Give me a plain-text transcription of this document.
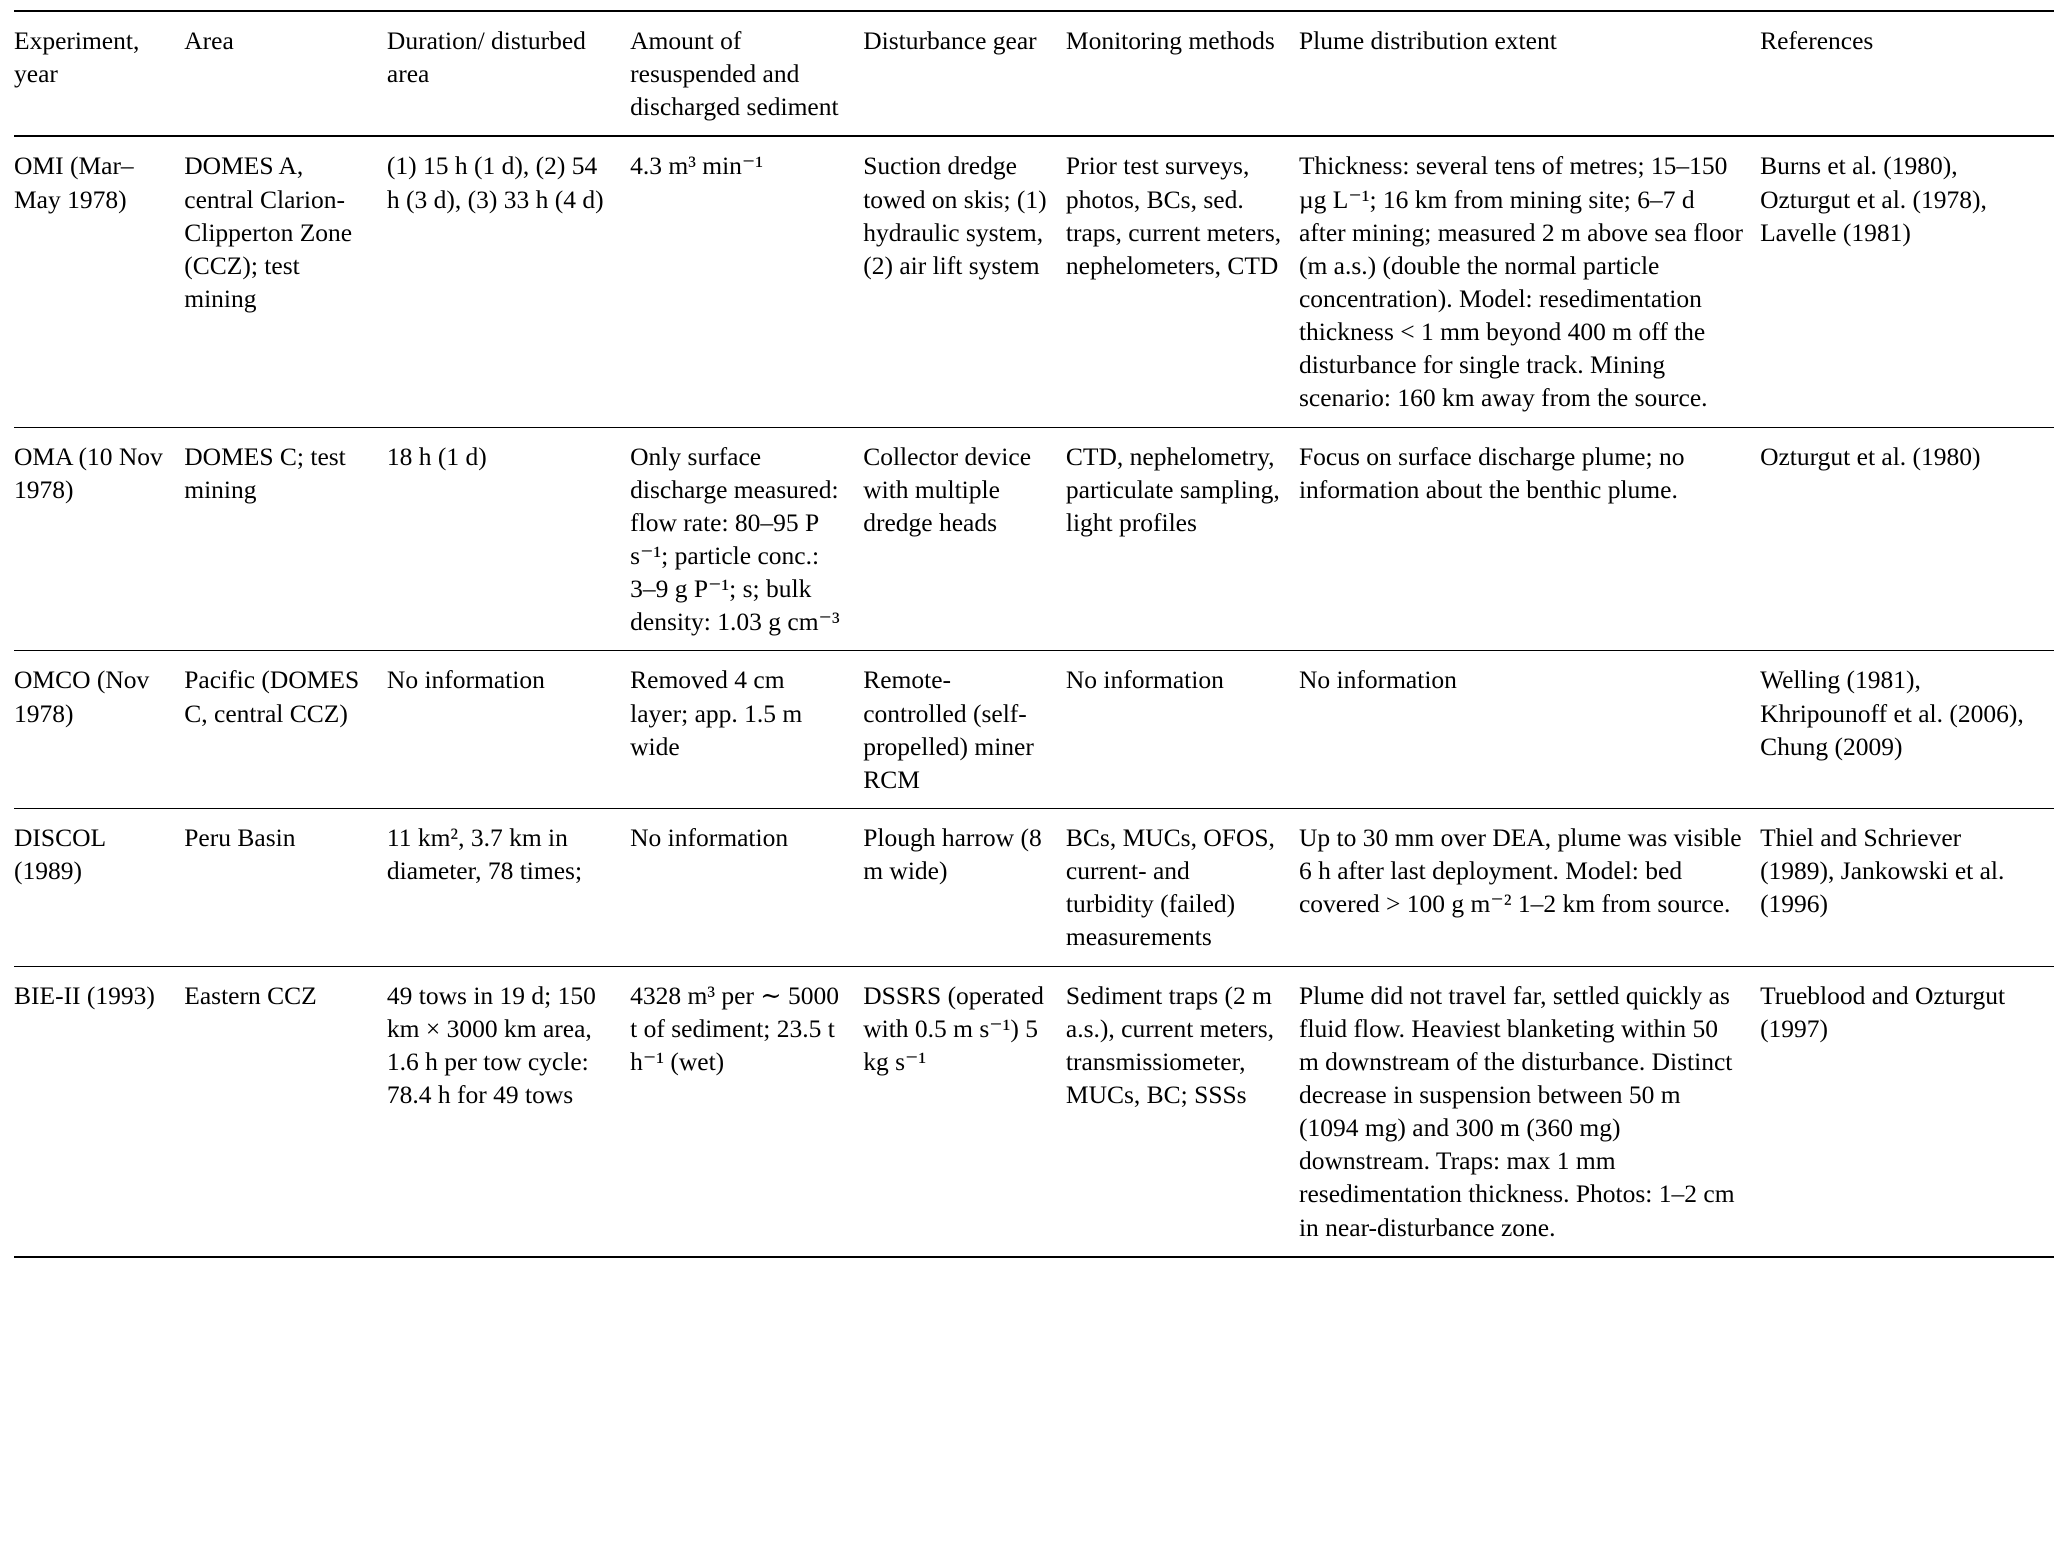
Experiment, year	Area	Duration/ disturbed area	Amount of resuspended and discharged sediment	Disturbance gear	Monitoring methods	Plume distribution extent	References
OMI (Mar–May 1978)	DOMES A, central Clarion-Clipperton Zone (CCZ); test mining	(1) 15 h (1 d), (2) 54 h (3 d), (3) 33 h (4 d)	4.3 m³ min⁻¹	Suction dredge towed on skis; (1) hydraulic system, (2) air lift system	Prior test surveys, photos, BCs, sed. traps, current meters, nephelometers, CTD	Thickness: several tens of metres; 15–150 µg L⁻¹; 16 km from mining site; 6–7 d after mining; measured 2 m above sea floor (m a.s.) (double the normal particle concentration). Model: resedimentation thickness < 1 mm beyond 400 m off the disturbance for single track. Mining scenario: 160 km away from the source.	Burns et al. (1980), Ozturgut et al. (1978), Lavelle (1981)
OMA (10 Nov 1978)	DOMES C; test mining	18 h (1 d)	Only surface discharge measured: flow rate: 80–95 P s⁻¹; particle conc.: 3–9 g P⁻¹; s; bulk density: 1.03 g cm⁻³	Collector device with multiple dredge heads	CTD, nephelometry, particulate sampling, light profiles	Focus on surface discharge plume; no information about the benthic plume.	Ozturgut et al. (1980)
OMCO (Nov 1978)	Pacific (DOMES C, central CCZ)	No information	Removed 4 cm layer; app. 1.5 m wide	Remote-controlled (self-propelled) miner RCM	No information	No information	Welling (1981), Khripounoff et al. (2006), Chung (2009)
DISCOL (1989)	Peru Basin	11 km², 3.7 km in diameter, 78 times;	No information	Plough harrow (8 m wide)	BCs, MUCs, OFOS, current- and turbidity (failed) measurements	Up to 30 mm over DEA, plume was visible 6 h after last deployment. Model: bed covered > 100 g m⁻² 1–2 km from source.	Thiel and Schriever (1989), Jankowski et al. (1996)
BIE-II (1993)	Eastern CCZ	49 tows in 19 d; 150 km × 3000 km area, 1.6 h per tow cycle: 78.4 h for 49 tows	4328 m³ per ∼ 5000 t of sediment; 23.5 t h⁻¹ (wet)	DSSRS (operated with 0.5 m s⁻¹) 5 kg s⁻¹	Sediment traps (2 m a.s.), current meters, transmissiometer, MUCs, BC; SSSs	Plume did not travel far, settled quickly as fluid flow. Heaviest blanketing within 50 m downstream of the disturbance. Distinct decrease in suspension between 50 m (1094 mg) and 300 m (360 mg) downstream. Traps: max 1 mm resedimentation thickness. Photos: 1–2 cm in near-disturbance zone.	Trueblood and Ozturgut (1997)
